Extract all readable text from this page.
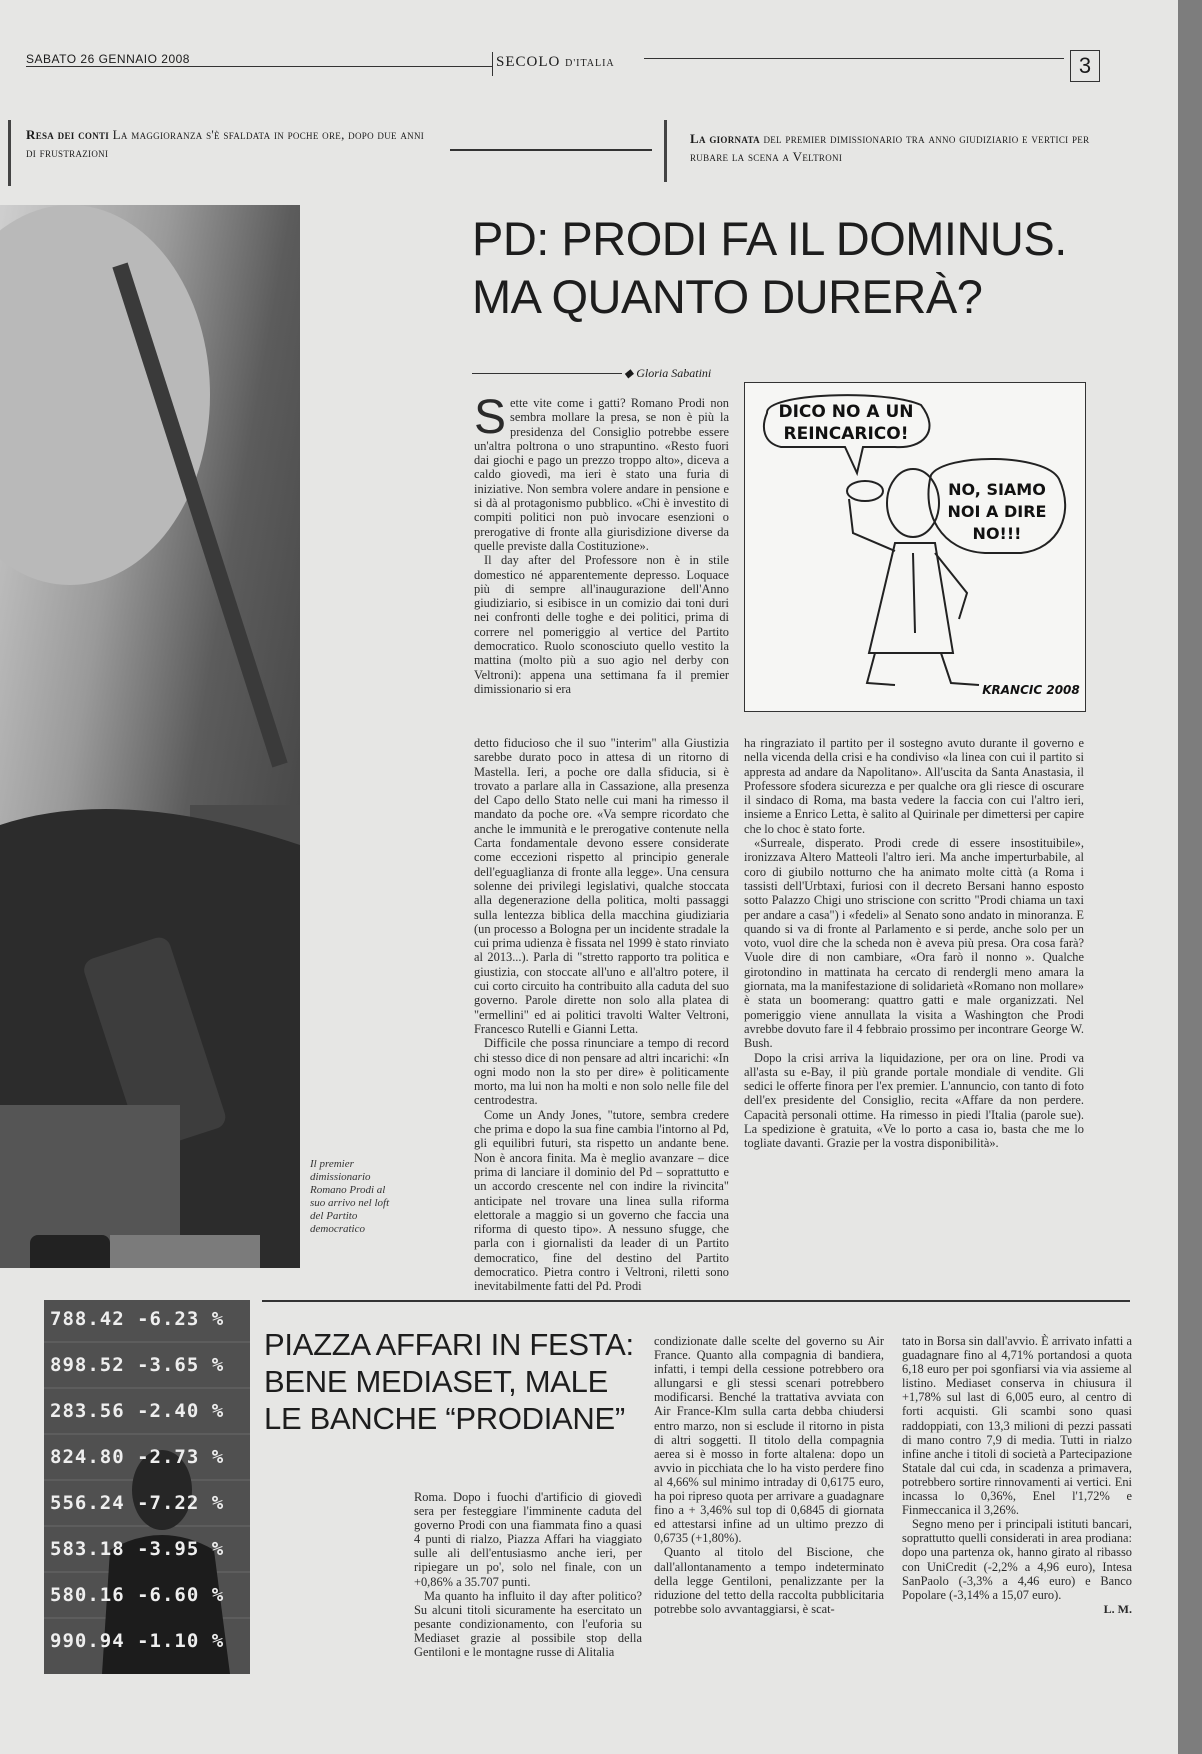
SABATO 26 GENNAIO 2008	SECOLO D'ITALIA	3
Resa dei conti La maggioranza s'è sfaldata in poche ore, dopo due anni di frustrazioni
La giornata del premier dimissionario tra anno giudiziario e vertici per rubare la scena a Veltroni
Il premier dimissionario Romano Prodi al suo arrivo nel loft del Partito democratico
PD: PRODI FA IL DOMINUS.
MA QUANTO DURERÀ?
◆ Gloria Sabatini

Sette vite come i gatti? Romano Prodi non sembra mollare la presa, se non è più la presidenza del Consiglio potrebbe essere un'altra poltrona o uno strapuntino. «Resto fuori dai giochi e pago un prezzo troppo alto», diceva a caldo giovedì, ma ieri è stato una furia di iniziative. Non sembra volere andare in pensione e si dà al protagonismo pubblico. «Chi è investito di compiti politici non può invocare esenzioni o prerogative di fronte alla giurisdizione diverse da quelle previste dalla Costituzione».

Il day after del Professore non è in stile domestico né apparentemente depresso. Loquace più di sempre all'inaugurazione dell'Anno giudiziario, si esibisce in un comizio dai toni duri nei confronti delle toghe e dei politici, prima di correre nel pomeriggio al vertice del Partito democratico. Ruolo sconosciuto quello vestito la mattina (molto più a suo agio nel derby con Veltroni): appena una settimana fa il premier dimissionario si era

DICO NO A UN REINCARICO!
NO, SIAMO NOI A DIRE NO!!!
KRANCIC 2008

detto fiducioso che il suo "interim" alla Giustizia sarebbe durato poco in attesa di un ritorno di Mastella. Ieri, a poche ore dalla sfiducia, si è trovato a parlare alla in Cassazione, alla presenza del Capo dello Stato nelle cui mani ha rimesso il mandato da poche ore. «Va sempre ricordato che anche le immunità e le prerogative contenute nella Carta fondamentale devono essere considerate come eccezioni rispetto al principio generale dell'eguaglianza di fronte alla legge». Una censura solenne dei privilegi legislativi, qualche stoccata alla degenerazione della politica, molti passaggi sulla lentezza biblica della macchina giudiziaria (un processo a Bologna per un incidente stradale la cui prima udienza è fissata nel 1999 è stato rinviato al 2013...). Parla di "stretto rapporto tra politica e giustizia, con stoccate all'uno e all'altro potere, il cui corto circuito ha contribuito alla caduta del suo governo. Parole dirette non solo alla platea di "ermellini" ed ai politici travolti Walter Veltroni, Francesco Rutelli e Gianni Letta.

Difficile che possa rinunciare a tempo di record chi stesso dice di non pensare ad altri incarichi: «In ogni modo non la sto per dire» è politicamente morto, ma lui non ha molti e non solo nelle file del centrodestra.

Come un Andy Jones, "tutore, sembra credere che prima e dopo la sua fine cambia l'intorno al Pd, gli equilibri futuri, sta rispetto un andante bene. Non è ancora finita. Ma è meglio avanzare – dice prima di lanciare il dominio del Pd – soprattutto e un accordo crescente nel con indire la rivincita" anticipate nel trovare una linea sulla riforma elettorale a maggio si un governo che faccia una riforma di questo tipo». A nessuno sfugge, che parla con i giornalisti da leader di un Partito democratico, fine del destino del Partito democratico. Pietra contro i Veltroni, riletti sono inevitabilmente fatti del Pd. Prodi

ha ringraziato il partito per il sostegno avuto durante il governo e nella vicenda della crisi e ha condiviso «la linea con cui il partito si appresta ad andare da Napolitano». All'uscita da Santa Anastasia, il Professore sfodera sicurezza e per qualche ora gli riesce di oscurare il sindaco di Roma, ma basta vedere la faccia con cui l'altro ieri, insieme a Enrico Letta, è salito al Quirinale per dimettersi per capire che lo choc è stato forte.

«Surreale, disperato. Prodi crede di essere insostituibile», ironizzava Altero Matteoli l'altro ieri. Ma anche imperturbabile, al coro di giubilo notturno che ha animato molte città (a Roma i tassisti dell'Urbtaxi, furiosi con il decreto Bersani hanno esposto sotto Palazzo Chigi uno striscione con scritto "Prodi chiama un taxi per andare a casa") i «fedeli» al Senato sono andato in minoranza. E quando si va di fronte al Parlamento e si perde, anche solo per un voto, vuol dire che la scheda non è aveva più presa. Ora cosa farà? Vuole dire di non cambiare, «Ora farò il nonno ». Qualche girotondino in mattinata ha cercato di rendergli meno amara la giornata, ma la manifestazione di solidarietà «Romano non mollare» è stata un boomerang: quattro gatti e male organizzati. Nel pomeriggio viene annullata la visita a Washington che Prodi avrebbe dovuto fare il 4 febbraio prossimo per incontrare George W. Bush.

Dopo la crisi arriva la liquidazione, per ora on line. Prodi va all'asta su e-Bay, il più grande portale mondiale di vendite. Gli sedici le offerte finora per l'ex premier. L'annuncio, con tanto di foto dell'ex presidente del Consiglio, recita «Affare da non perdere. Capacità personali ottime. Ha rimesso in piedi l'Italia (parole sue). La spedizione è gratuita, «Ve lo porto a casa io, basta che me lo togliate davanti. Grazie per la vostra disponibilità».

788.42 -6.23 %
898.52 -3.65 %
283.56 -2.40 %
824.80 -2.73 %
556.24 -7.22 %
583.18 -3.95 %
580.16 -6.60 %
990.94 -1.10 %
PIAZZA AFFARI IN FESTA:
BENE MEDIASET, MALE
LE BANCHE “PRODIANE”

Roma. Dopo i fuochi d'artificio di giovedì sera per festeggiare l'imminente caduta del governo Prodi con una fiammata fino a quasi 4 punti di rialzo, Piazza Affari ha viaggiato sulle ali dell'entusiasmo anche ieri, per ripiegare un po', solo nel finale, con un +0,86% a 35.707 punti.

Ma quanto ha influito il day after politico? Su alcuni titoli sicuramente ha esercitato un pesante condizionamento, con l'euforia su Mediaset grazie al possibile stop della Gentiloni e le montagne russe di Alitalia

condizionate dalle scelte del governo su Air France. Quanto alla compagnia di bandiera, infatti, i tempi della cessione potrebbero ora allungarsi e gli stessi scenari potrebbero modificarsi. Benché la trattativa avviata con Air France-Klm sulla carta debba chiudersi entro marzo, non si esclude il ritorno in pista di altri soggetti. Il titolo della compagnia aerea si è mosso in forte altalena: dopo un avvio in picchiata che lo ha visto perdere fino al 4,66% sul minimo intraday di 0,6175 euro, ha poi ripreso quota per arrivare a guadagnare fino a + 3,46% sul top di 0,6845 di giornata ed attestarsi infine ad un ultimo prezzo di 0,6735 (+1,80%).

Quanto al titolo del Biscione, che dall'allontanamento a tempo indeterminato della legge Gentiloni, penalizzante per la riduzione del tetto della raccolta pubblicitaria potrebbe solo avvantaggiarsi, è scat-

tato in Borsa sin dall'avvio. È arrivato infatti a guadagnare fino al 4,71% portandosi a quota 6,18 euro per poi sgonfiarsi via via assieme al listino. Mediaset conserva in chiusura il +1,78% sul last di 6,005 euro, al centro di forti acquisti. Gli scambi sono quasi raddoppiati, con 13,3 milioni di pezzi passati di mano contro 7,9 di media. Tutti in rialzo infine anche i titoli di società a Partecipazione Statale dal cui cda, in scadenza a primavera, potrebbero sortire rinnovamenti ai vertici. Eni incassa lo 0,36%, Enel l'1,72% e Finmeccanica il 3,26%.

Segno meno per i principali istituti bancari, soprattutto quelli considerati in area prodiana: dopo una partenza ok, hanno girato al ribasso con UniCredit (-2,2% a 4,96 euro), Intesa SanPaolo (-3,3% a 4,46 euro) e Banco Popolare (-3,14% a 15,07 euro).

L. M.
